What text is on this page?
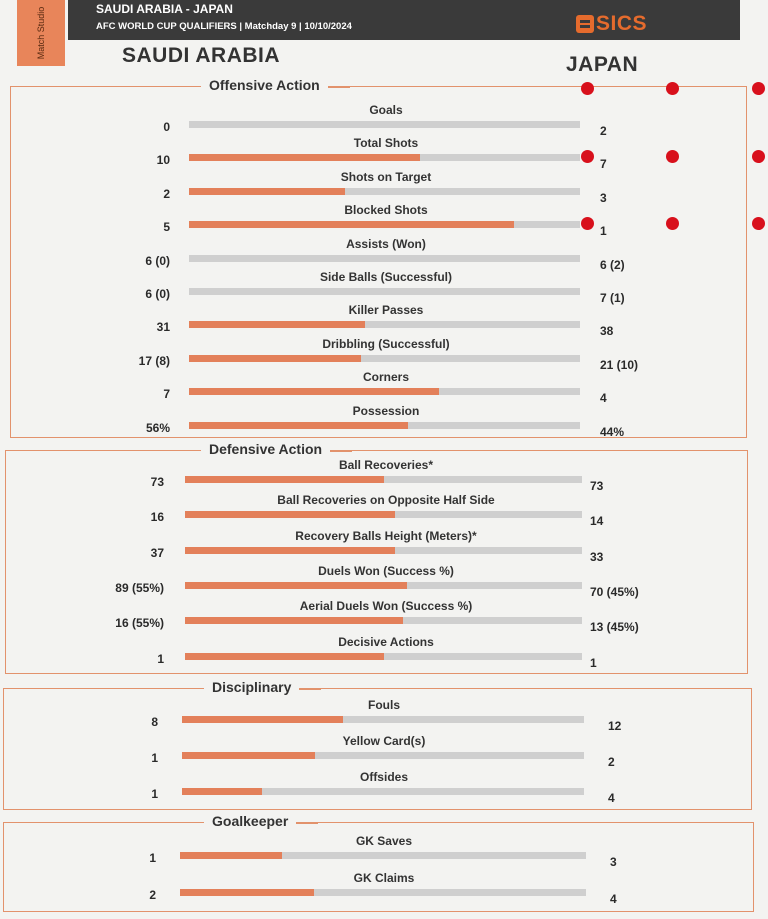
Match Studio	SAUDI ARABIA - JAPAN
AFC WORLD CUP QUALIFIERS | Matchday 9 | 10/10/2024	SICS
SAUDI ARABIA	JAPAN
Offensive Action
Goals
0	2
Total Shots
10	7
Shots on Target
2	3
Blocked Shots
5	1
Assists (Won)
6 (0)	6 (2)
Side Balls (Successful)
6 (0)	7 (1)
Killer Passes
31	38
Dribbling (Successful)
17 (8)	21 (10)
Corners
7	4
Possession
56%	44%
Defensive Action
Ball Recoveries*
73	73
Ball Recoveries on Opposite Half Side
16	14
Recovery Balls Height (Meters)*
37	33
Duels Won (Success %)
89 (55%)	70 (45%)
Aerial Duels Won (Success %)
16 (55%)	13 (45%)
Decisive Actions
1	1
Disciplinary
Fouls
8	12
Yellow Card(s)
1	2
Offsides
1	4
Goalkeeper
GK Saves
1	3
GK Claims
2	4
